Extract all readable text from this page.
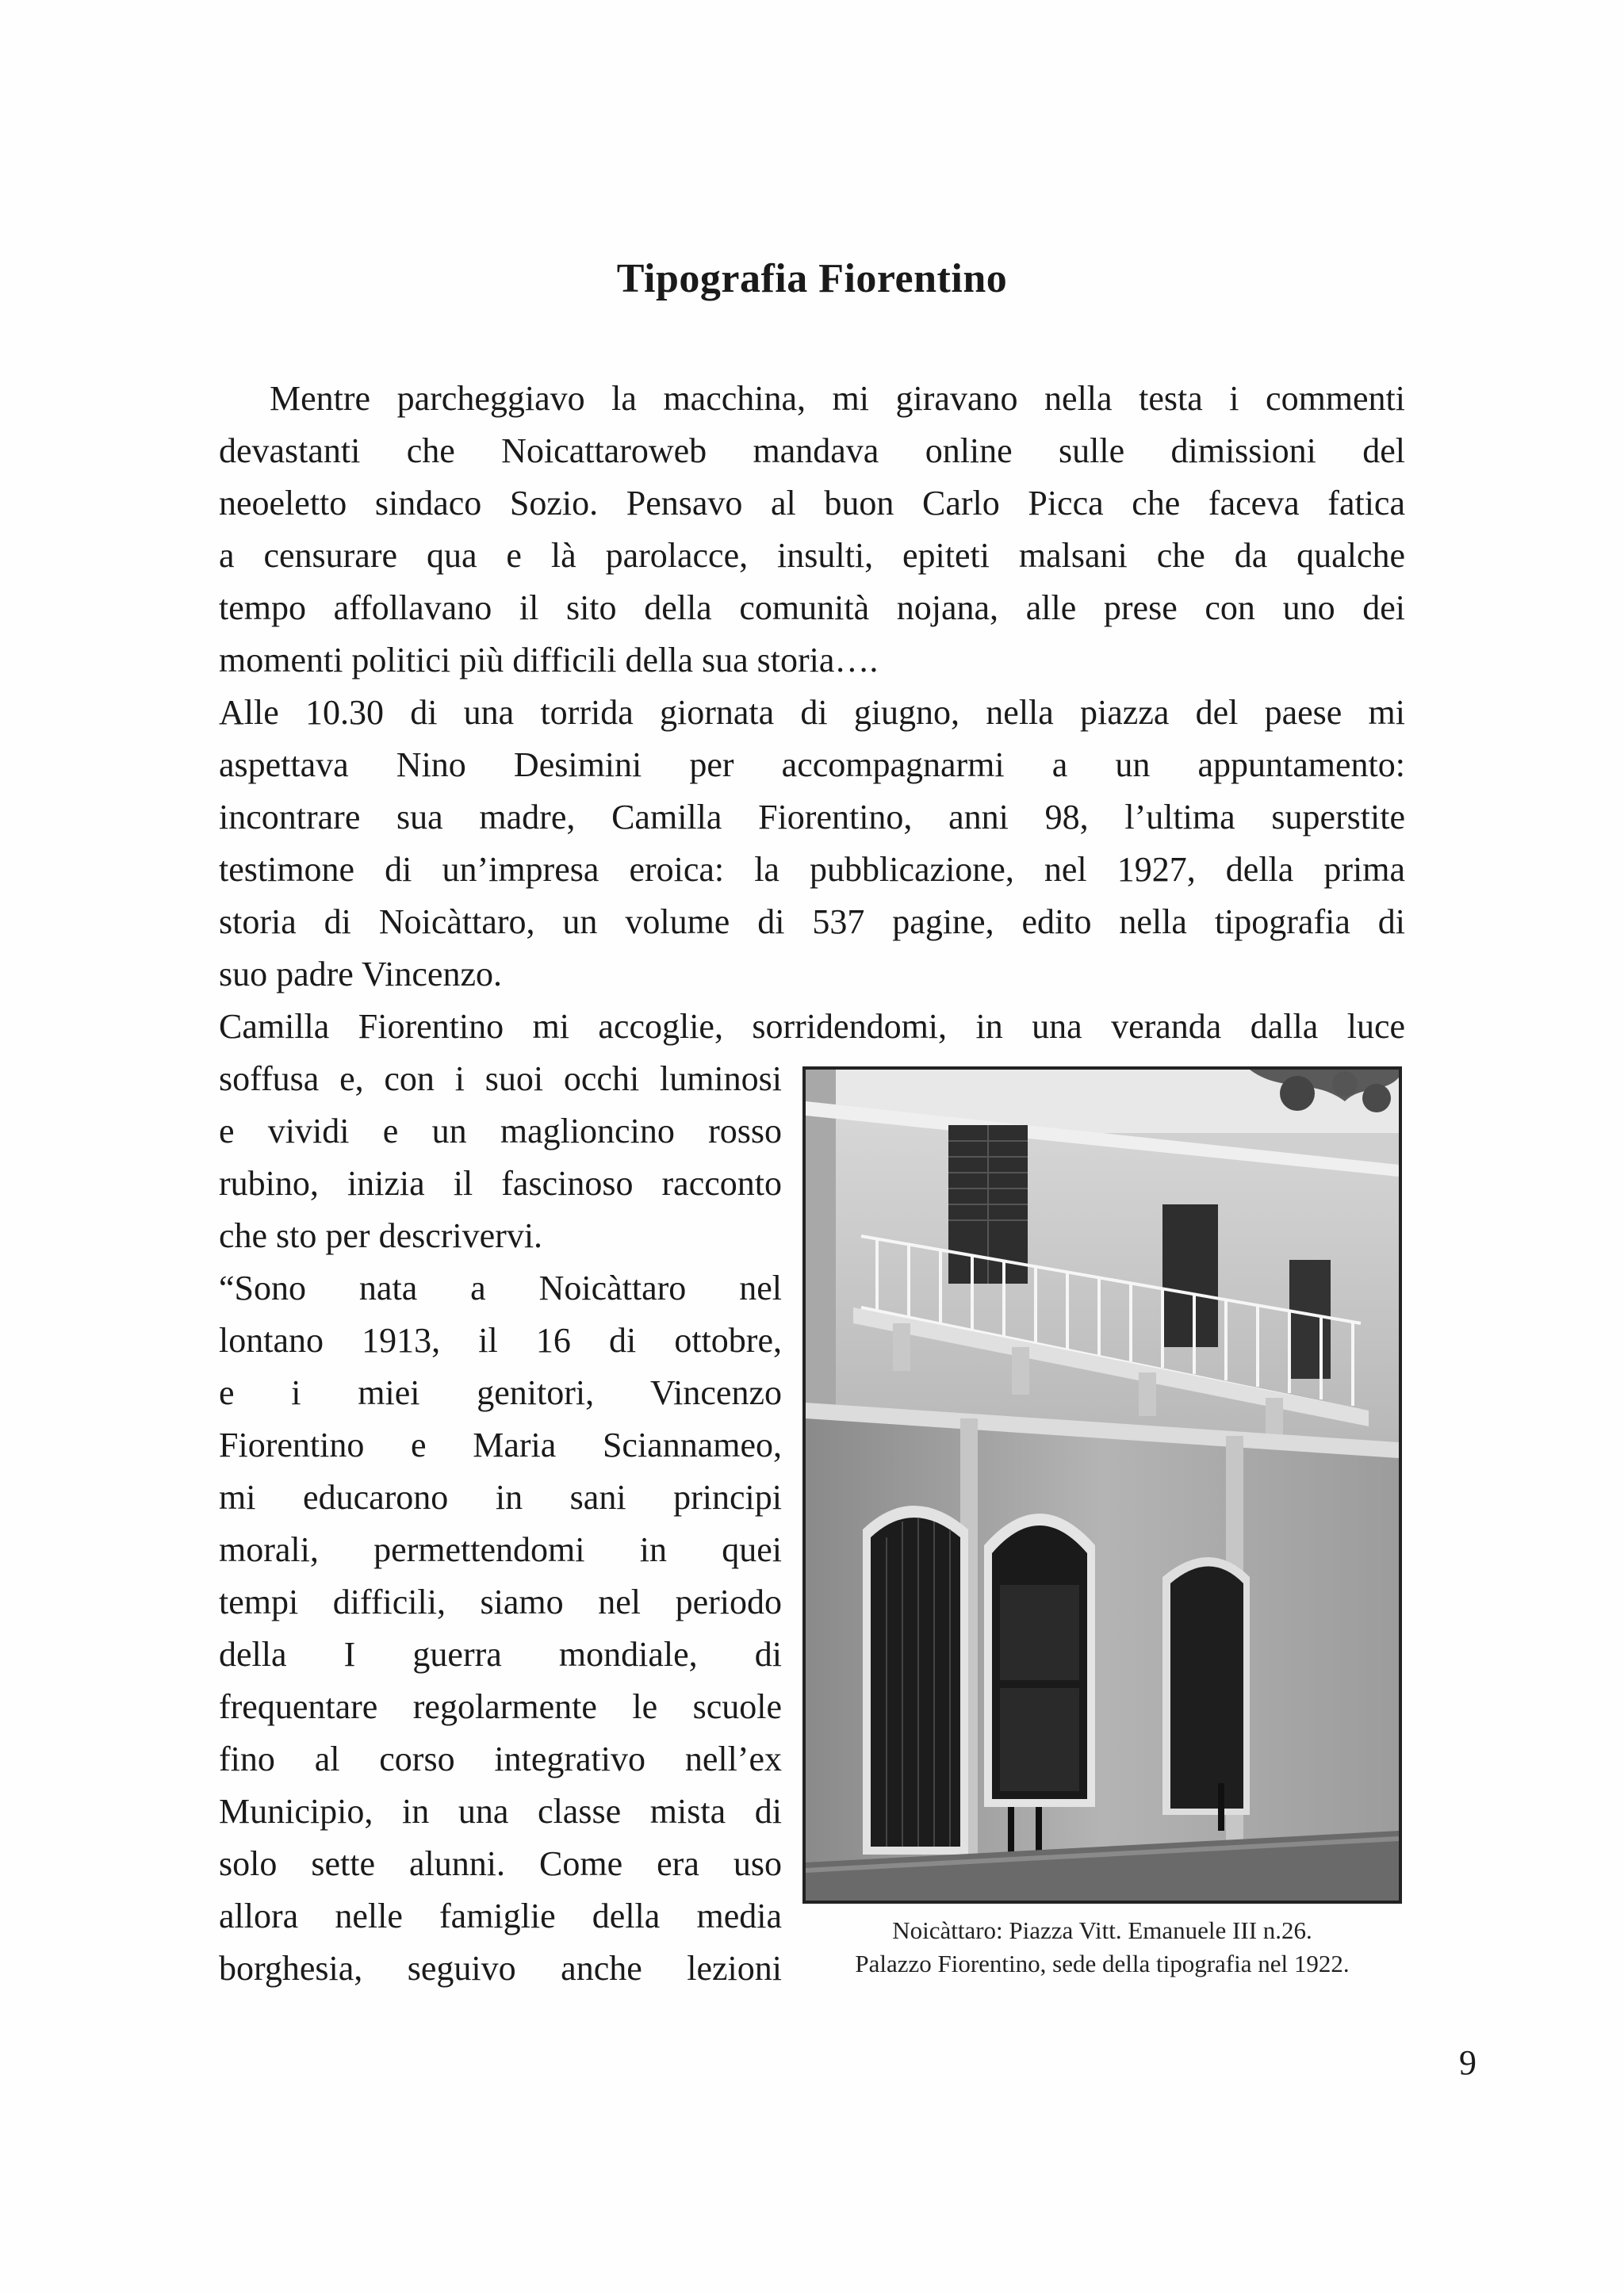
Tipografia Fiorentino
Mentre parcheggiavo la macchina, mi giravano nella testa i commenti
devastanti che Noicattaroweb mandava online sulle dimissioni del
neoeletto sindaco Sozio. Pensavo al buon Carlo Picca che faceva fatica
a censurare qua e là parolacce, insulti, epiteti malsani che da qualche
tempo affollavano il sito della comunità nojana, alle prese con uno dei
momenti politici più difficili della sua storia….
Alle 10.30 di una torrida giornata di giugno, nella piazza del paese mi
aspettava Nino Desimini per accompagnarmi a un appuntamento:
incontrare sua madre, Camilla Fiorentino, anni 98, l’ultima superstite
testimone di un’impresa eroica: la pubblicazione, nel 1927, della prima
storia di Noicàttaro, un volume di 537 pagine, edito nella tipografia di
suo padre Vincenzo.
Camilla Fiorentino mi accoglie, sorridendomi, in una veranda dalla luce
soffusa e, con i suoi occhi luminosi
e vividi e un maglioncino rosso
rubino, inizia il fascinoso racconto
che sto per descrivervi.
“Sono nata a Noicàttaro nel
lontano 1913, il 16 di ottobre,
e i miei genitori, Vincenzo
Fiorentino e Maria Sciannameo,
mi educarono in sani principi
morali, permettendomi in quei
tempi difficili, siamo nel periodo
della I guerra mondiale, di
frequentare regolarmente le scuole
fino al corso integrativo nell’ex
Municipio, in una classe mista di
solo sette alunni. Come era uso
allora nelle famiglie della media
borghesia, seguivo anche lezioni
Noicàttaro: Piazza Vitt. Emanuele III n.26.
Palazzo Fiorentino, sede della tipografia nel 1922.
9
